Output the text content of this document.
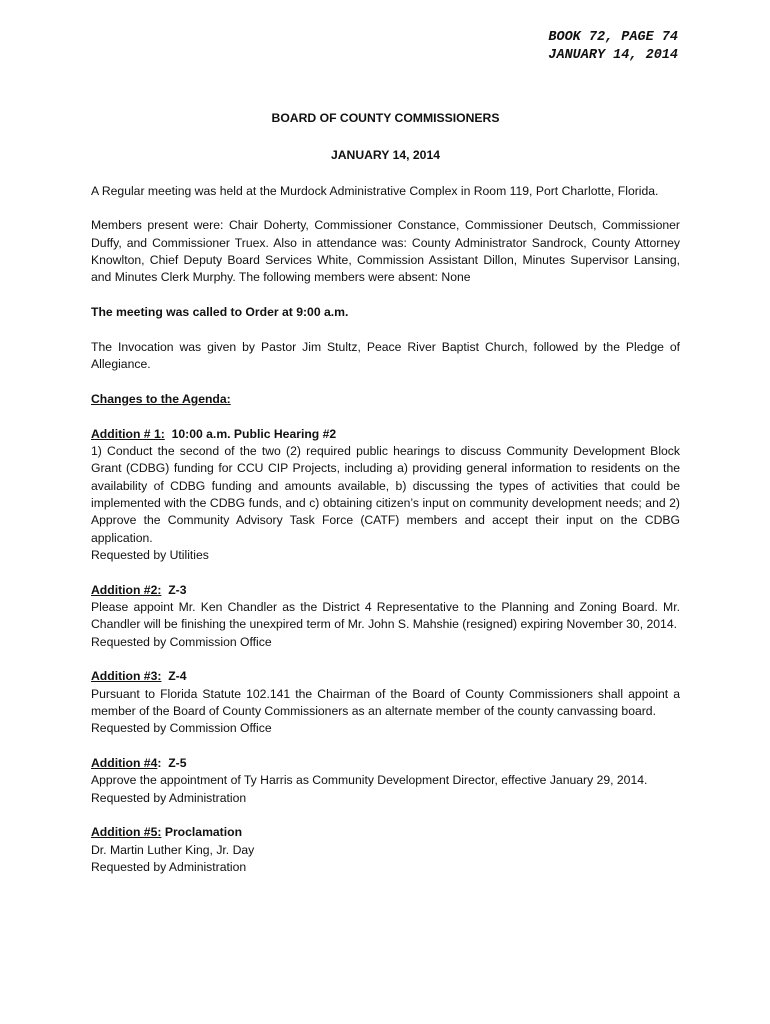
BOOK 72, PAGE 74
JANUARY 14, 2014

BOARD OF COUNTY COMMISSIONERS

JANUARY 14, 2014

A Regular meeting was held at the Murdock Administrative Complex in Room 119, Port Charlotte, Florida.

Members present were: Chair Doherty, Commissioner Constance, Commissioner Deutsch, Commissioner Duffy, and Commissioner Truex. Also in attendance was: County Administrator Sandrock, County Attorney Knowlton, Chief Deputy Board Services White, Commission Assistant Dillon, Minutes Supervisor Lansing, and Minutes Clerk Murphy. The following members were absent: None

The meeting was called to Order at 9:00 a.m.

The Invocation was given by Pastor Jim Stultz, Peace River Baptist Church, followed by the Pledge of Allegiance.

Changes to the Agenda:

Addition # 1: 10:00 a.m. Public Hearing #2

1) Conduct the second of the two (2) required public hearings to discuss Community Development Block Grant (CDBG) funding for CCU CIP Projects, including a) providing general information to residents on the availability of CDBG funding and amounts available, b) discussing the types of activities that could be implemented with the CDBG funds, and c) obtaining citizen’s input on community development needs; and 2) Approve the Community Advisory Task Force (CATF) members and accept their input on the CDBG application.

Requested by Utilities

Addition #2: Z-3

Please appoint Mr. Ken Chandler as the District 4 Representative to the Planning and Zoning Board. Mr. Chandler will be finishing the unexpired term of Mr. John S. Mahshie (resigned) expiring November 30, 2014.

Requested by Commission Office

Addition #3: Z-4

Pursuant to Florida Statute 102.141 the Chairman of the Board of County Commissioners shall appoint a member of the Board of County Commissioners as an alternate member of the county canvassing board.

Requested by Commission Office

Addition #4:  Z-5

Approve the appointment of Ty Harris as Community Development Director, effective January 29, 2014.

Requested by Administration

Addition #5: Proclamation

Dr. Martin Luther King, Jr. Day

Requested by Administration
